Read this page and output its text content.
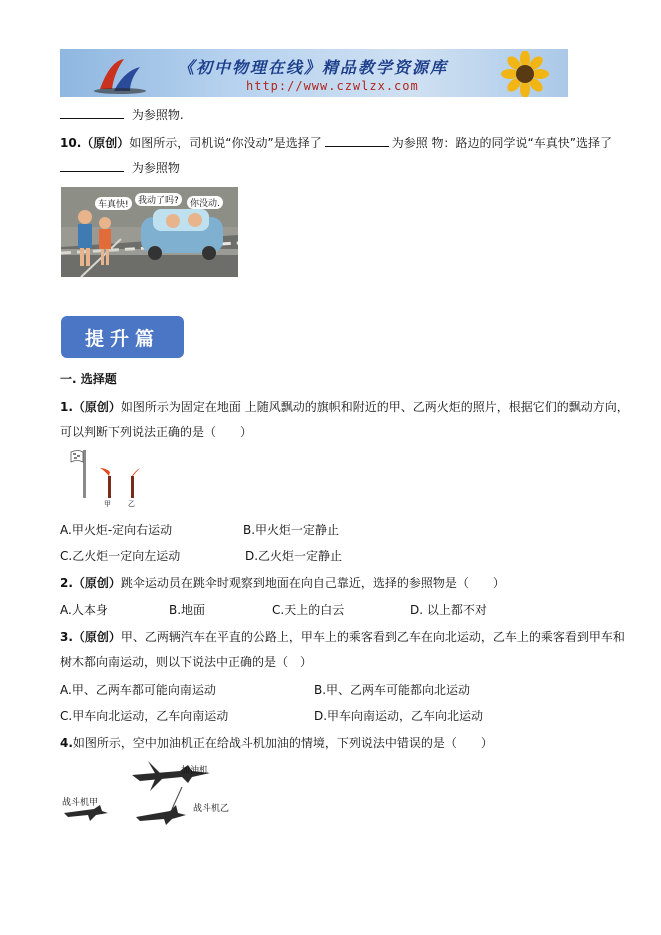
《初中物理在线》精品教学资源库
http://www.czwlzx.com
为参照物.
10.（原创）如图所示，司机说“你没动”是选择了	为参照 物：路边的同学说“车真快”选择了
为参照物
车真快!	我动了吗?	你没动.
提升篇
一. 选择题
1.（原创）如图所示为固定在地面 上随风飘动的旗帜和附近的甲、乙两火炬的照片，根据它们的飘动方向，
可以判断下列说法正确的是（　　）
甲 乙
A.甲火炬-定向右运动	B.甲火炬一定静止
C.乙火炬一定向左运动	D.乙火炬一定静止
2.（原创）跳伞运动员在跳伞时观察到地面在向自己靠近，选择的参照物是（　　）
A.人本身	B.地面	C.天上的白云	D. 以上都不对
3.（原创）甲、乙两辆汽车在平直的公路上，甲车上的乘客看到乙车在向北运动，乙车上的乘客看到甲车和
树木都向南运动，则以下说法中正确的是（　）
A.甲、乙两车都可能向南运动	B.甲、乙两车可能都向北运动
C.甲车向北运动，乙车向南运动	D.甲车向南运动，乙车向北运动
4.如图所示，空中加油机正在给战斗机加油的情境，下列说法中错误的是（　　）
加油机
战斗机甲
战斗机乙
